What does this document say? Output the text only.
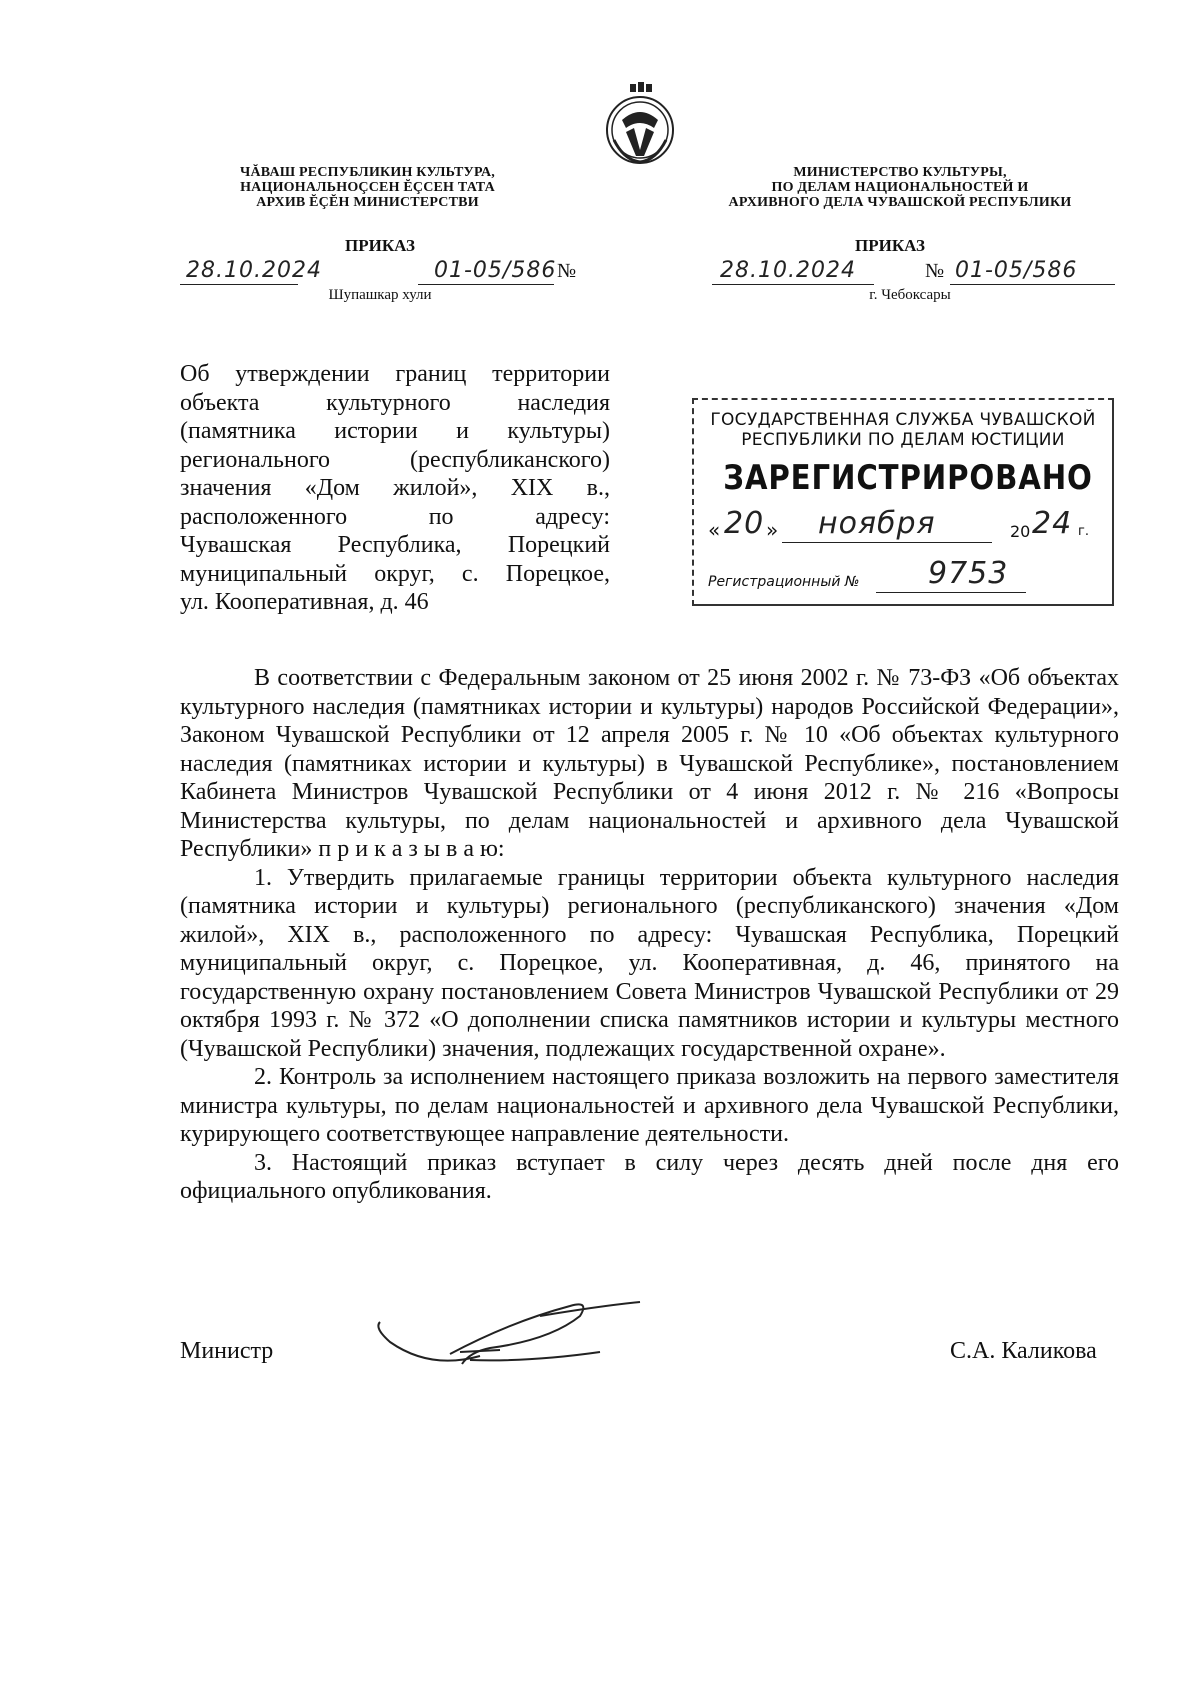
ЧĂВАШ РЕСПУБЛИКИН КУЛЬТУРА,
НАЦИОНАЛЬНОÇСЕН ĔÇСЕН ТАТА
АРХИВ ĔÇĔН МИНИСТЕРСТВИ
МИНИСТЕРСТВО КУЛЬТУРЫ,
ПО ДЕЛАМ НАЦИОНАЛЬНОСТЕЙ И
АРХИВНОГО ДЕЛА ЧУВАШСКОЙ РЕСПУБЛИКИ
ПРИКАЗ
28.10.2024	01-05/586 №
Шупашкар хули
ПРИКАЗ
28.10.2024	№ 01-05/586
г. Чебоксары
Об утверждении границ территории
объекта культурного наследия
(памятника истории и культуры)
регионального (республиканского)
значения «Дом жилой», XIX в.,
расположенного по адресу:
Чувашская Республика, Порецкий
муниципальный округ, с. Порецкое,
ул. Кооперативная, д. 46
ГОСУДАРСТВЕННАЯ СЛУЖБА ЧУВАШСКОЙ
РЕСПУБЛИКИ ПО ДЕЛАМ ЮСТИЦИИ
ЗАРЕГИСТРИРОВАНО
« 20 » ноября	20 24 г.
Регистрационный № 9753

В соответствии с Федеральным законом от 25 июня 2002 г. № 73-ФЗ «Об объектах культурного наследия (памятниках истории и культуры) народов Российской Федерации», Законом Чувашской Республики от 12 апреля 2005 г. № 10 «Об объектах культурного наследия (памятниках истории и культуры) в Чувашской Республике», постановлением Кабинета Министров Чувашской Республики от 4 июня 2012 г. № 216 «Вопросы Министерства культуры, по делам национальностей и архивного дела Чувашской Республики» п р и к а з ы в а ю:

1. Утвердить прилагаемые границы территории объекта культурного наследия (памятника истории и культуры) регионального (республиканского) значения «Дом жилой», XIX в., расположенного по адресу: Чувашская Республика, Порецкий муниципальный округ, с. Порецкое, ул. Кооперативная, д. 46, принятого на государственную охрану постановлением Совета Министров Чувашской Республики от 29 октября 1993 г. № 372 «О дополнении списка памятников истории и культуры местного (Чувашской Республики) значения, подлежащих государственной охране».

2. Контроль за исполнением настоящего приказа возложить на первого заместителя министра культуры, по делам национальностей и архивного дела Чувашской Республики, курирующего соответствующее направление деятельности.

3. Настоящий приказ вступает в силу через десять дней после дня его официального опубликования.

Министр	С.А. Каликова
